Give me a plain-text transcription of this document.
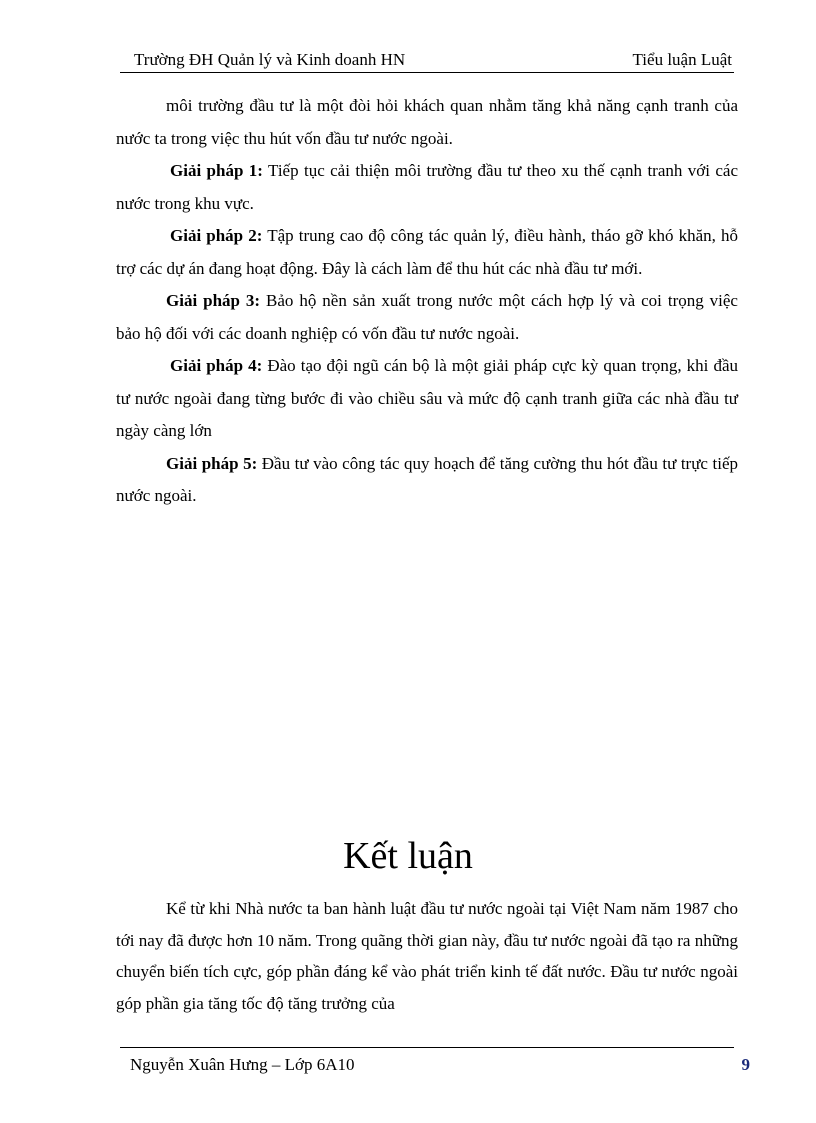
Trường ĐH Quản lý và Kinh doanh HN	Tiểu luận Luật

môi trường đầu tư là một đòi hỏi khách quan nhằm tăng khả năng cạnh tranh của nước ta trong việc thu hút vốn đầu tư nước ngoài.

Giải pháp 1: Tiếp tục cải thiện môi trường đầu tư theo xu thế cạnh tranh với các nước trong khu vực.

Giải pháp 2: Tập trung cao độ công tác quản lý, điều hành, tháo gỡ khó khăn, hỗ trợ các dự án đang hoạt động. Đây là cách làm để thu hút các nhà đầu tư mới.

Giải pháp 3: Bảo hộ nền sản xuất trong nước một cách hợp lý và coi trọng việc bảo hộ đối với các doanh nghiệp có vốn đầu tư nước ngoài.

Giải pháp 4: Đào tạo đội ngũ cán bộ là một giải pháp cực kỳ quan trọng, khi đầu tư nước ngoài đang từng bước đi vào chiều sâu và mức độ cạnh tranh giữa các nhà đầu tư ngày càng lớn

Giải pháp 5: Đầu tư vào công tác quy hoạch để tăng cường thu hót đầu tư trực tiếp nước ngoài.

Kết luận

Kể từ khi Nhà nước ta ban hành luật đầu tư nước ngoài tại Việt Nam năm 1987 cho tới nay đã được hơn 10 năm. Trong quãng thời gian này, đầu tư nước ngoài đã tạo ra những chuyển biến tích cực, góp phần đáng kể vào phát triển kinh tế đất nước. Đầu tư nước ngoài góp phần gia tăng tốc độ tăng trưởng của

Nguyễn Xuân Hưng – Lớp 6A10	9
